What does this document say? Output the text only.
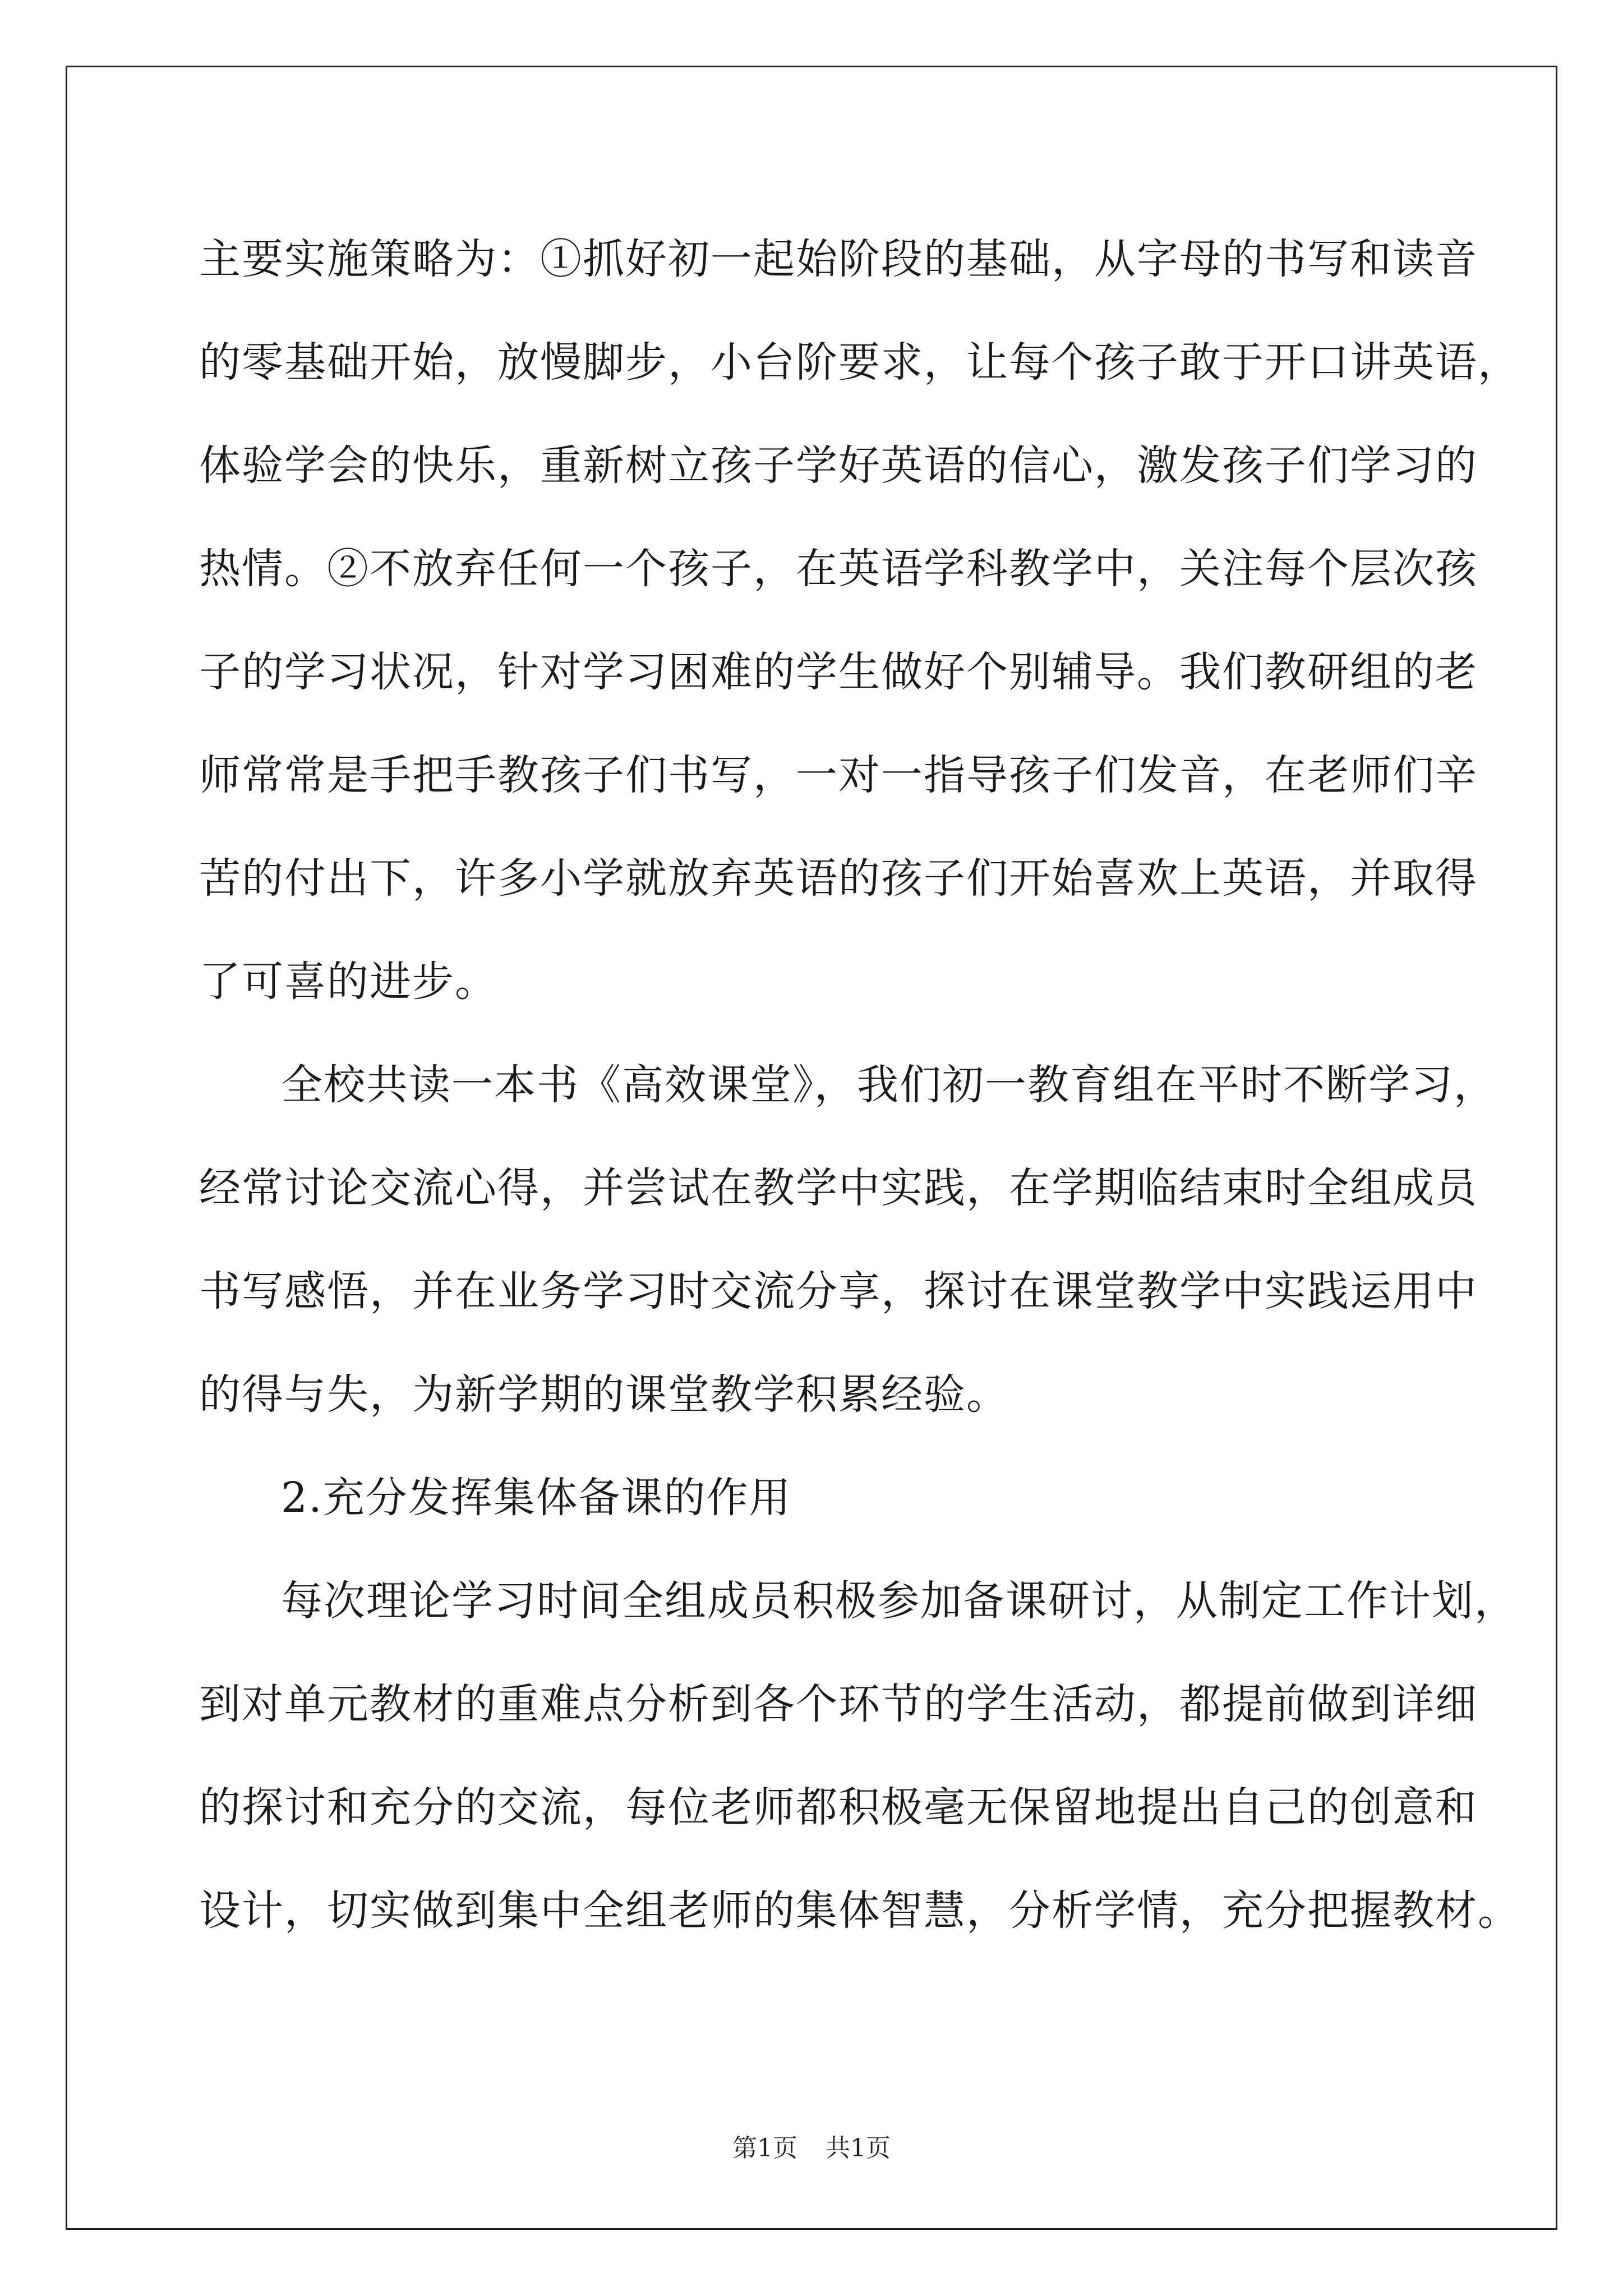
主要实施策略为：①抓好初一起始阶段的基础，从字母的书写和读音
的零基础开始，放慢脚步，小台阶要求，让每个孩子敢于开口讲英语，
体验学会的快乐，重新树立孩子学好英语的信心，激发孩子们学习的
热情。②不放弃任何一个孩子，在英语学科教学中，关注每个层次孩
子的学习状况，针对学习困难的学生做好个别辅导。我们教研组的老
师常常是手把手教孩子们书写，一对一指导孩子们发音，在老师们辛
苦的付出下，许多小学就放弃英语的孩子们开始喜欢上英语，并取得
了可喜的进步。
全校共读一本书《高效课堂》，我们初一教育组在平时不断学习，
经常讨论交流心得，并尝试在教学中实践，在学期临结束时全组成员
书写感悟，并在业务学习时交流分享，探讨在课堂教学中实践运用中
的得与失，为新学期的课堂教学积累经验。
2.充分发挥集体备课的作用
每次理论学习时间全组成员积极参加备课研讨，从制定工作计划，
到对单元教材的重难点分析到各个环节的学生活动，都提前做到详细
的探讨和充分的交流，每位老师都积极毫无保留地提出自己的创意和
设计，切实做到集中全组老师的集体智慧，分析学情，充分把握教材。
第1页 共1页
